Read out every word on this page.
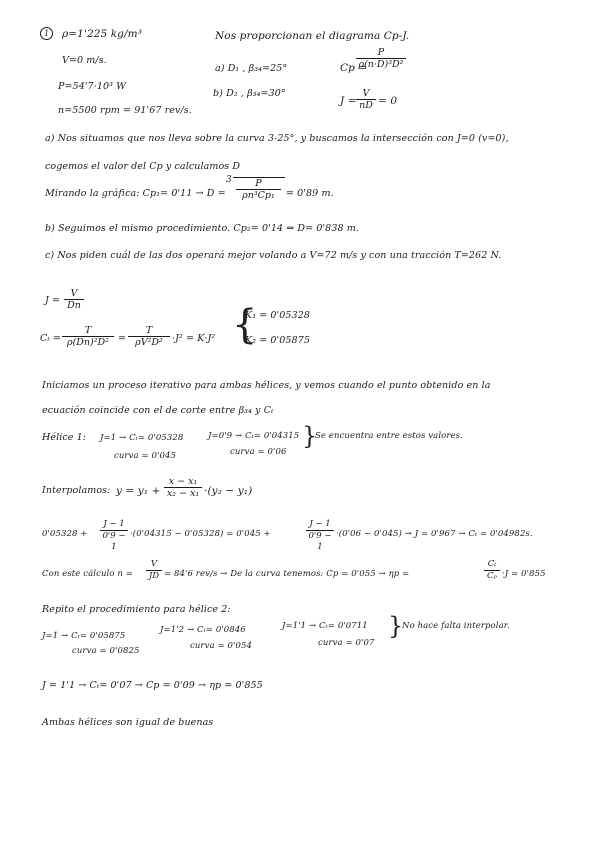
1	ρ=1'225 kg/m³
V=0 m/s.
P=54'7·10³ W
n=5500 rpm = 91'67 rev/s.
Nos proporcionan el diagrama Cp-J.
a) D₁ , β₃₄=25°
b) D₂ , β₃₄=30°
Cp =
$\frac{P}{\text{ρ(n·D)³D²}}$
$J = \frac{V}{nD} = 0$
a) Nos situamos que nos lleva sobre la curva 3-25°, y buscamos la intersección con J=0 (v=0),
cogemos el valor del Cp y calculamos D
Mirando la gráfica: Cp₁= 0'11 → D =
$3 \frac{P}{\text{ρn³Cp₁}} = 0'89$ m.
b) Seguimos el mismo procedimiento. Cp₂= 0'14 ⇒ D= 0'838 m.
c) Nos piden cuál de las dos operará mejor volando a V=72 m/s y con una tracción T=262 N.
$J = \frac{V}{Dn}$
$C_t = \frac{T}{\text{ρ(Dn)²D²}} = \frac{T}{\text{ρV²D²}} \cdot J^2 = K\cdot J^2$ {
K₁ = 0'05328
K₂ = 0'05875
Iniciamos un proceso iterativo para ambas hélices, y vemos cuando el punto obtenido en la
ecuación coincide con el de corte entre β₃₄ y Cₜ
Hélice 1: J=1 → Cₜ= 0'05328
curva = 0'045
J=0'9 → Cₜ= 0'04315
curva = 0'06
}
Se encuentra entre estos valores.
Interpolamos: $y = y_1 + \frac{\text{x − x₁}}{\text{x₂ − x₁}} \cdot(y_2 - y_1)$
$0'05328 + \frac{J - 1}{0'9 - 1} \cdot(0'04315 - 0'05328) = 0'045$ +	$\frac{J - 1}{0'9 - 1} \cdot(0'06 - 0'045) \to J = 0'967 \to C_t = 0'04982s$.
Con este cálculo $n = \frac{V}{JD} = 84'6$ rev/s → De la curva tenemos: Cp = 0'055 → ηp =	$\frac{\text{Cₜ}}{\text{Cₚ}} \cdot J = 0'855$
Repito el procedimiento para hélice 2:
J=1 → Cₜ= 0'05875
curva = 0'0825
J=1'2 → Cₜ= 0'0846
curva = 0'054
J=1'1 → Cₜ= 0'0711
curva = 0'07
}
No hace falta interpolar.
J = 1'1 → Cₜ= 0'07 → Cp = 0'09 → ηp = 0'855
Ambas hélices son igual de buenas
